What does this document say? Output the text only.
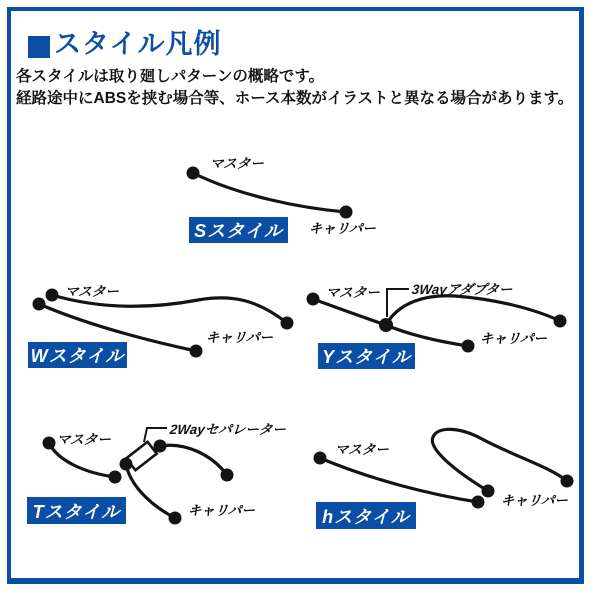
スタイル凡例
各スタイルは取り廻しパターンの概略です。
経路途中にABSを挟む場合等、ホース本数がイラストと異なる場合があります。
マスター
キャリパー
Sスタイル
マスター
キャリパー
Wスタイル
マスター 3Wayアダプター
キャリパー
Yスタイル
マスター
2Wayセパレーター
キャリパー
Tスタイル
マスター
キャリパー
hスタイル
